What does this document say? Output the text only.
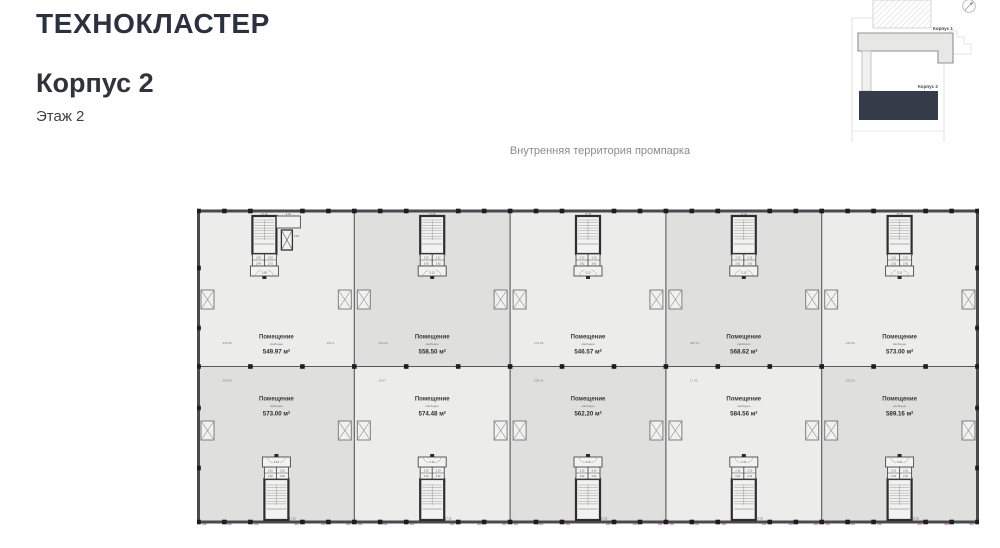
ТЕХНОКЛАСТЕР
Корпус 2
Этаж 2
Внутренняя территория промпарка
Корпус 1
Корпус 2
17.26	4.32
3.44
2.45	2.19
2.40	2.72
5.85
5.15
2.10	2.10
2.62	2.62
17.26
17.26
2.10	2.10
2.62	2.62
5.15
5.15
2.10	2.10
2.62	2.62
17.26
17.26
2.10	2.10
2.62	2.62
5.15
5.15
2.10	2.10
2.62	2.62
17.26
17.26
2.10	2.10
2.62	2.62
5.15
5.15
2.10	2.10
2.62	2.62
17.26
17.26
2.10	2.10
2.62	2.62
5.15
5.15
2.10	2.10
2.62	2.62
17.26
Помещение
свободно
549.97 м²
335.49	231.4
Помещение
свободно
558.50 м²
232.29
Помещение
свободно
546.57 м²
173.46
Помещение
свободно
568.62 м²
348.74
Помещение
свободно
573.00 м²
143.39
Помещение
свободно
573.00 м²
334.89
Помещение
свободно
574.48 м²
19.47
Помещение
свободно
562.20 м²
228.29
Помещение
свободно
584.56 м²
17.42
Помещение
свободно
589.16 м²
326.25
